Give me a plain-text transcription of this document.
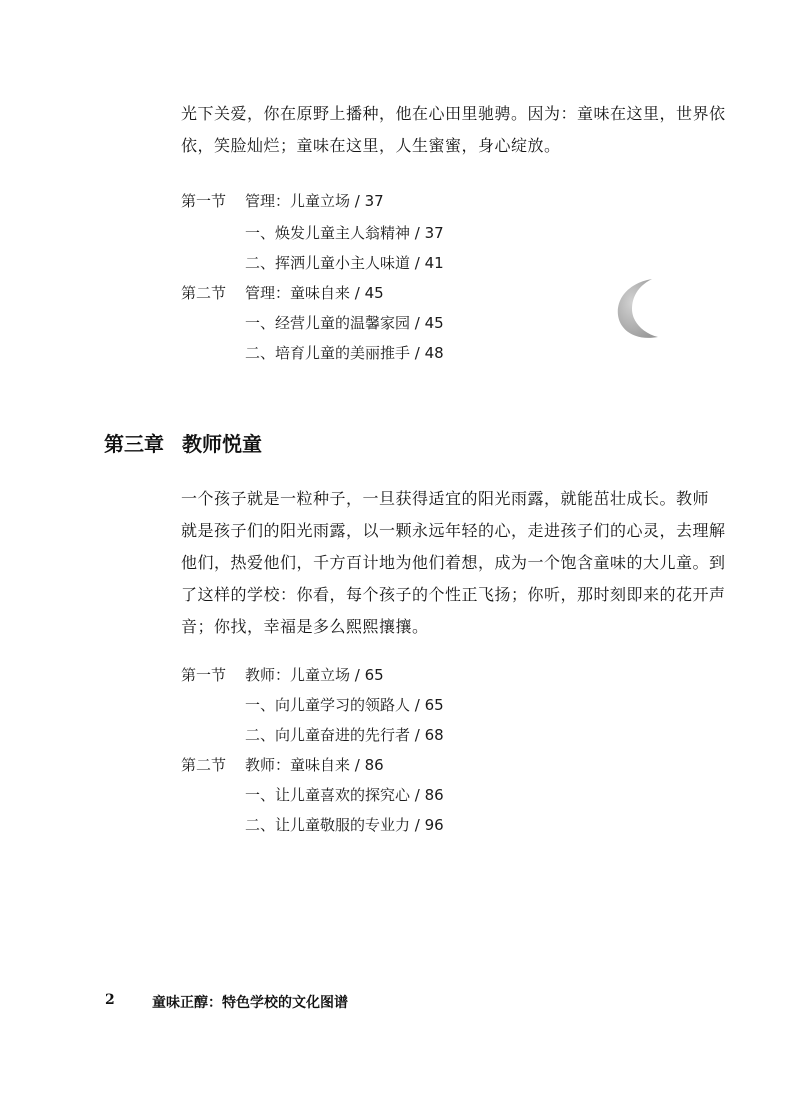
光下关爱，你在原野上播种，他在心田里驰骋。因为：童味在这里，世界依
依，笑脸灿烂；童味在这里，人生蜜蜜，身心绽放。
第一节 管理：儿童立场 / 37
一、焕发儿童主人翁精神 / 37
二、挥洒儿童小主人味道 / 41
第二节 管理：童味自来 / 45
一、经营儿童的温馨家园 / 45
二、培育儿童的美丽推手 / 48
第三章 教师悦童
一个孩子就是一粒种子，一旦获得适宜的阳光雨露，就能茁壮成长。教师
就是孩子们的阳光雨露，以一颗永远年轻的心，走进孩子们的心灵，去理解
他们，热爱他们，千方百计地为他们着想，成为一个饱含童味的大儿童。到
了这样的学校：你看，每个孩子的个性正飞扬；你听，那时刻即来的花开声
音；你找，幸福是多么熙熙攘攘。
第一节 教师：儿童立场 / 65
一、向儿童学习的领路人 / 65
二、向儿童奋进的先行者 / 68
第二节 教师：童味自来 / 86
一、让儿童喜欢的探究心 / 86
二、让儿童敬服的专业力 / 96
2	童味正醇：特色学校的文化图谱
